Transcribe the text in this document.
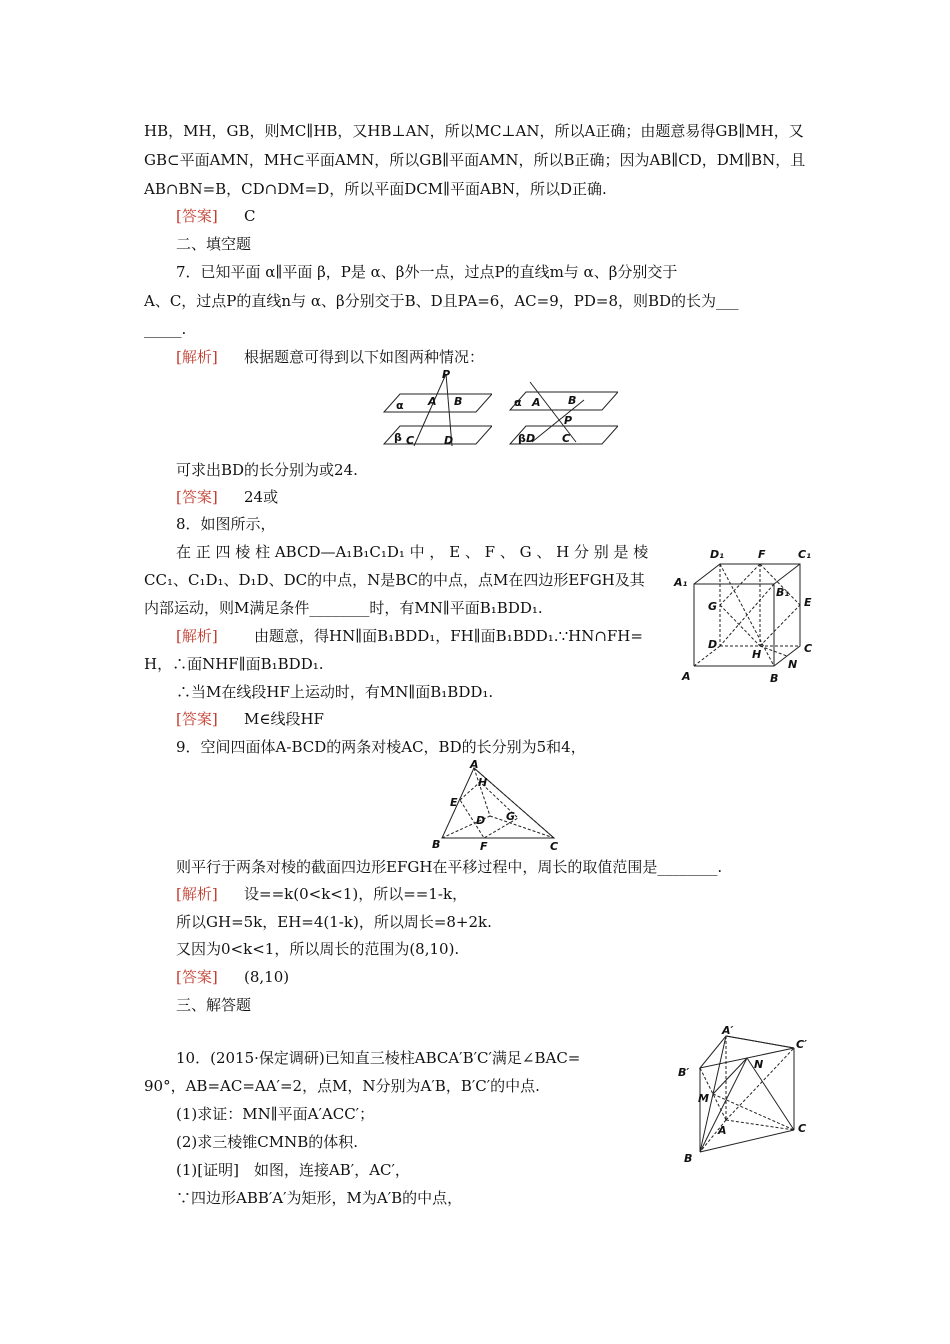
HB，MH，GB，则MC∥HB，又HB⊥AN，所以MC⊥AN，所以A正确；由题意易得GB∥MH，又
GB⊂平面AMN，MH⊂平面AMN，所以GB∥平面AMN，所以B正确；因为AB∥CD，DM∥BN，且
AB∩BN=B，CD∩DM=D，所以平面DCM∥平面ABN，所以D正确.
[答案] C
二、填空题
7．已知平面 α∥平面 β，P是 α、β外一点，过点P的直线m与 α、β分别交于
A、C，过点P的直线n与 α、β分别交于B、D且PA=6，AC=9，PD=8，则BD的长为___
_____.
[解析] 根据题意可得到以下如图两种情况：
P
α A B
β C	D
α A B
P
β D C
可求出BD的长分别为或24.
[答案] 24或
8．如图所示，
在 正 四 棱 柱 ABCD—A₁B₁C₁D₁ 中 ， E 、 F 、 G 、 H 分 别 是 棱
CC₁、C₁D₁、D₁D、DC的中点，N是BC的中点，点M在四边形EFGH及其
内部运动，则M满足条件________时，有MN∥平面B₁BDD₁.
[解析] 由题意，得HN∥面B₁BDD₁，FH∥面B₁BDD₁.∵HN∩FH=
H，∴面NHF∥面B₁BDD₁.
∴当M在线段HF上运动时，有MN∥面B₁BDD₁.
[答案] M∈线段HF
D₁	F	C₁
A₁
B₁
G	E
D
H	C
N
A	B
9．空间四面体A-BCD的两条对棱AC，BD的长分别为5和4，
A
H
E
D G
B	F	C
则平行于两条对棱的截面四边形EFGH在平移过程中，周长的取值范围是________.
[解析] 设==k(0<k<1)，所以==1-k，
所以GH=5k，EH=4(1-k)，所以周长=8+2k.
又因为0<k<1，所以周长的范围为(8,10).
[答案] (8,10)
三、解答题
10．(2015·保定调研)已知直三棱柱ABCA′B′C′满足∠BAC=
90°，AB=AC=AA′=2，点M，N分别为A′B，B′C′的中点.
(1)求证：MN∥平面A′ACC′；
(2)求三棱锥CMNB的体积.
(1)[证明]　如图，连接AB′，AC′，
∵四边形ABB′A′为矩形，M为A′B的中点，
A′
C′
N
B′
M
A	C
B
